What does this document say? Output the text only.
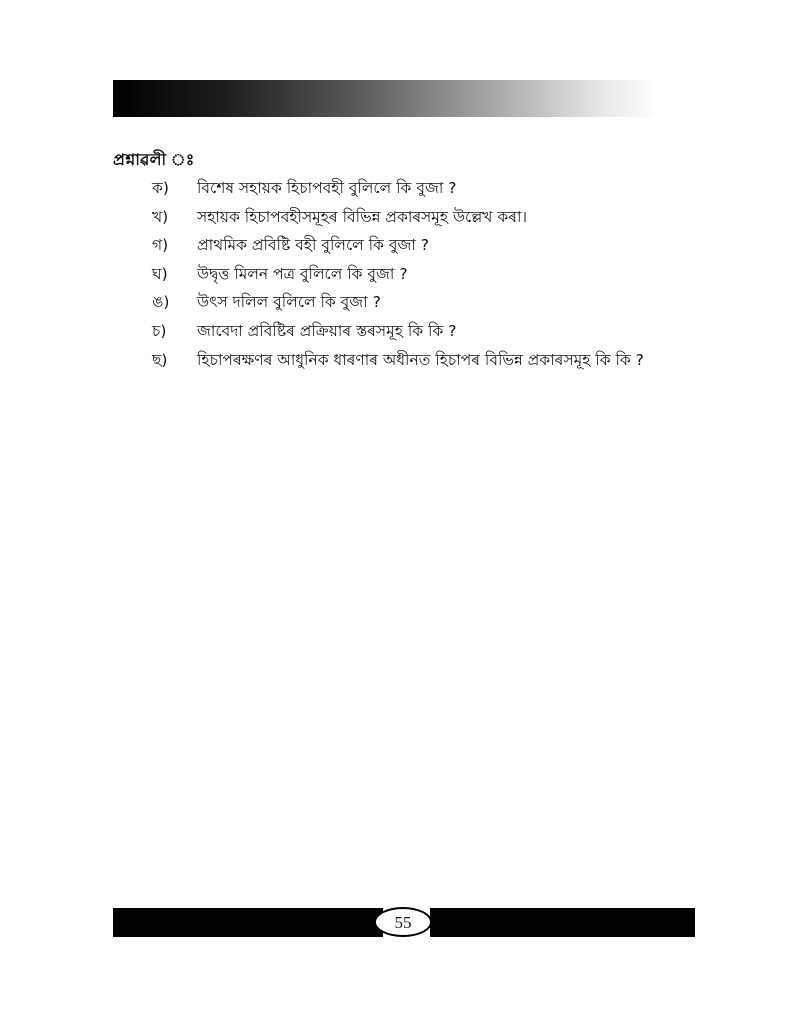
প্ৰশ্নাৱলী ঃ
ক)	বিশেষ সহায়ক হিচাপবহী বুলিলে কি বুজা ?
খ)	সহায়ক হিচাপবহীসমূহৰ বিভিন্ন প্ৰকাৰসমূহ উল্লেখ কৰা।
গ)	প্ৰাথমিক প্ৰবিষ্টি বহী বুলিলে কি বুজা ?
ঘ)	উদ্বৃত্ত মিলন পত্ৰ বুলিলে কি বুজা ?
ঙ)	উৎস দলিল বুলিলে কি বুজা ?
চ)	জাবেদা প্ৰবিষ্টিৰ প্ৰক্ৰিয়াৰ স্তৰসমূহ কি কি ?
ছ)	হিচাপৰক্ষণৰ আধুনিক ধাৰণাৰ অধীনত হিচাপৰ বিভিন্ন প্ৰকাৰসমূহ কি কি ?
55
